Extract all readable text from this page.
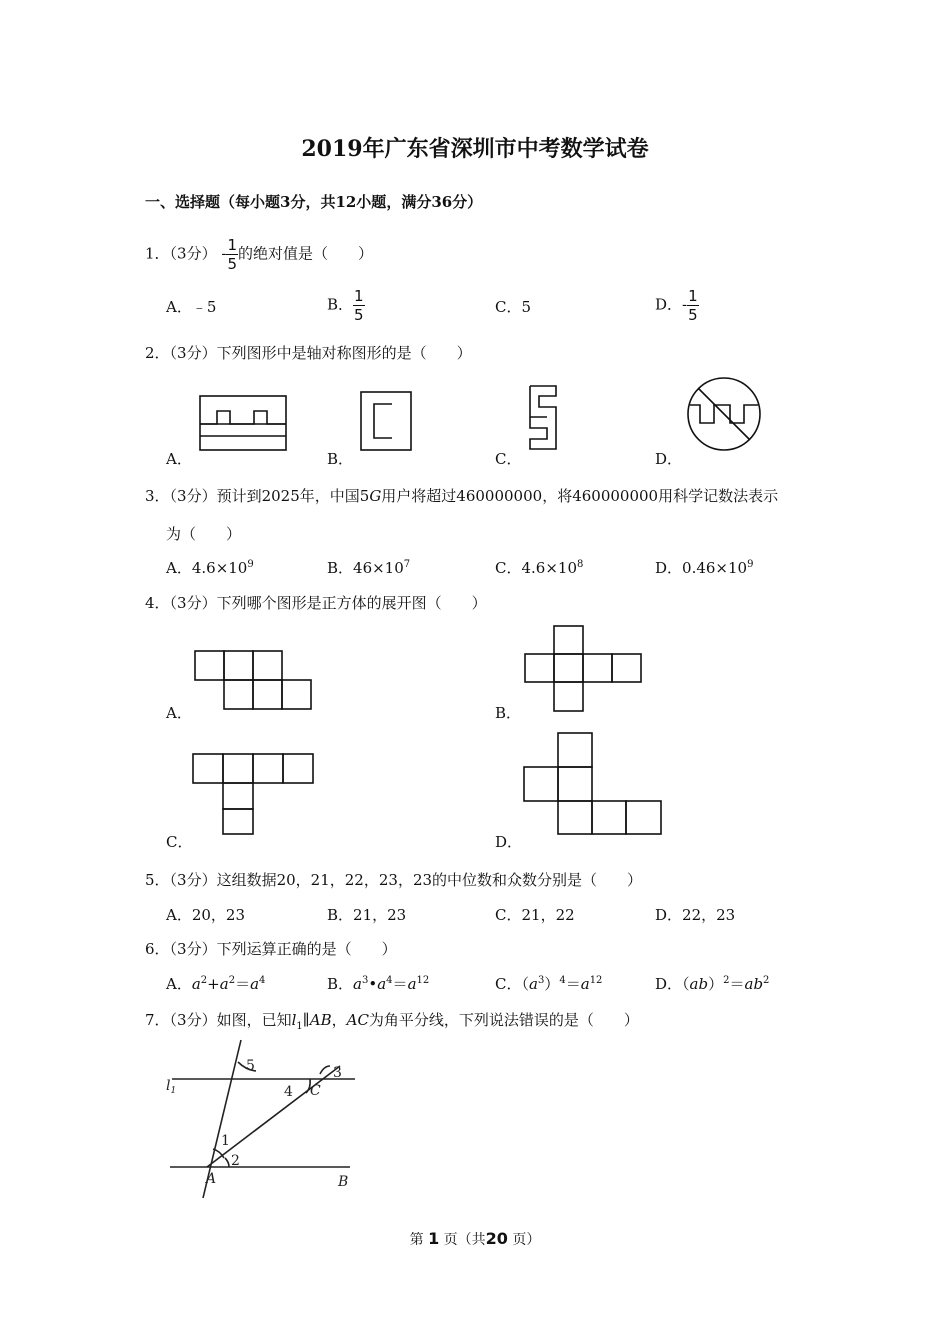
2019年广东省深圳市中考数学试卷
一、选择题（每小题3分，共12小题，满分36分）
1．（3分） - $\frac{1}{5}$ 的绝对值是（　　）
A．﹣5	B． $\frac{1}{5}$	C．5	D．- $\frac{1}{5}$
2．（3分）下列图形中是轴对称图形的是（　　）
A．	B．	C．	D．
3．（3分）预计到2025年，中国5G用户将超过460000000，将460000000用科学记数法表示
为（　　）
A．$4.6\times 10^9$	B．$46\times 10^7$	C．$4.6\times 10^8$	D．$0.46\times 10^9$
4．（3分）下列哪个图形是正方体的展开图（　　）
A．	B．
C．	D．
5．（3分）这组数据20，21，22，23，23的中位数和众数分别是（　　）
A．20，23	B．21，23	C．21，22	D．22，23
6．（3分）下列运算正确的是（　　）
A．$a^2+a^2=a^4$	B．$a^3•a^4=a^{12}$	C．$(a^3)^4=a^{12}$	D．$(ab)^2=ab^2$
7．（3分）如图，已知$l_1\parallel AB$，AC为角平分线，下列说法错误的是（　　）
5	3
4 C
1
2
A	B
$l_1$
第 1 页（共20 页）
